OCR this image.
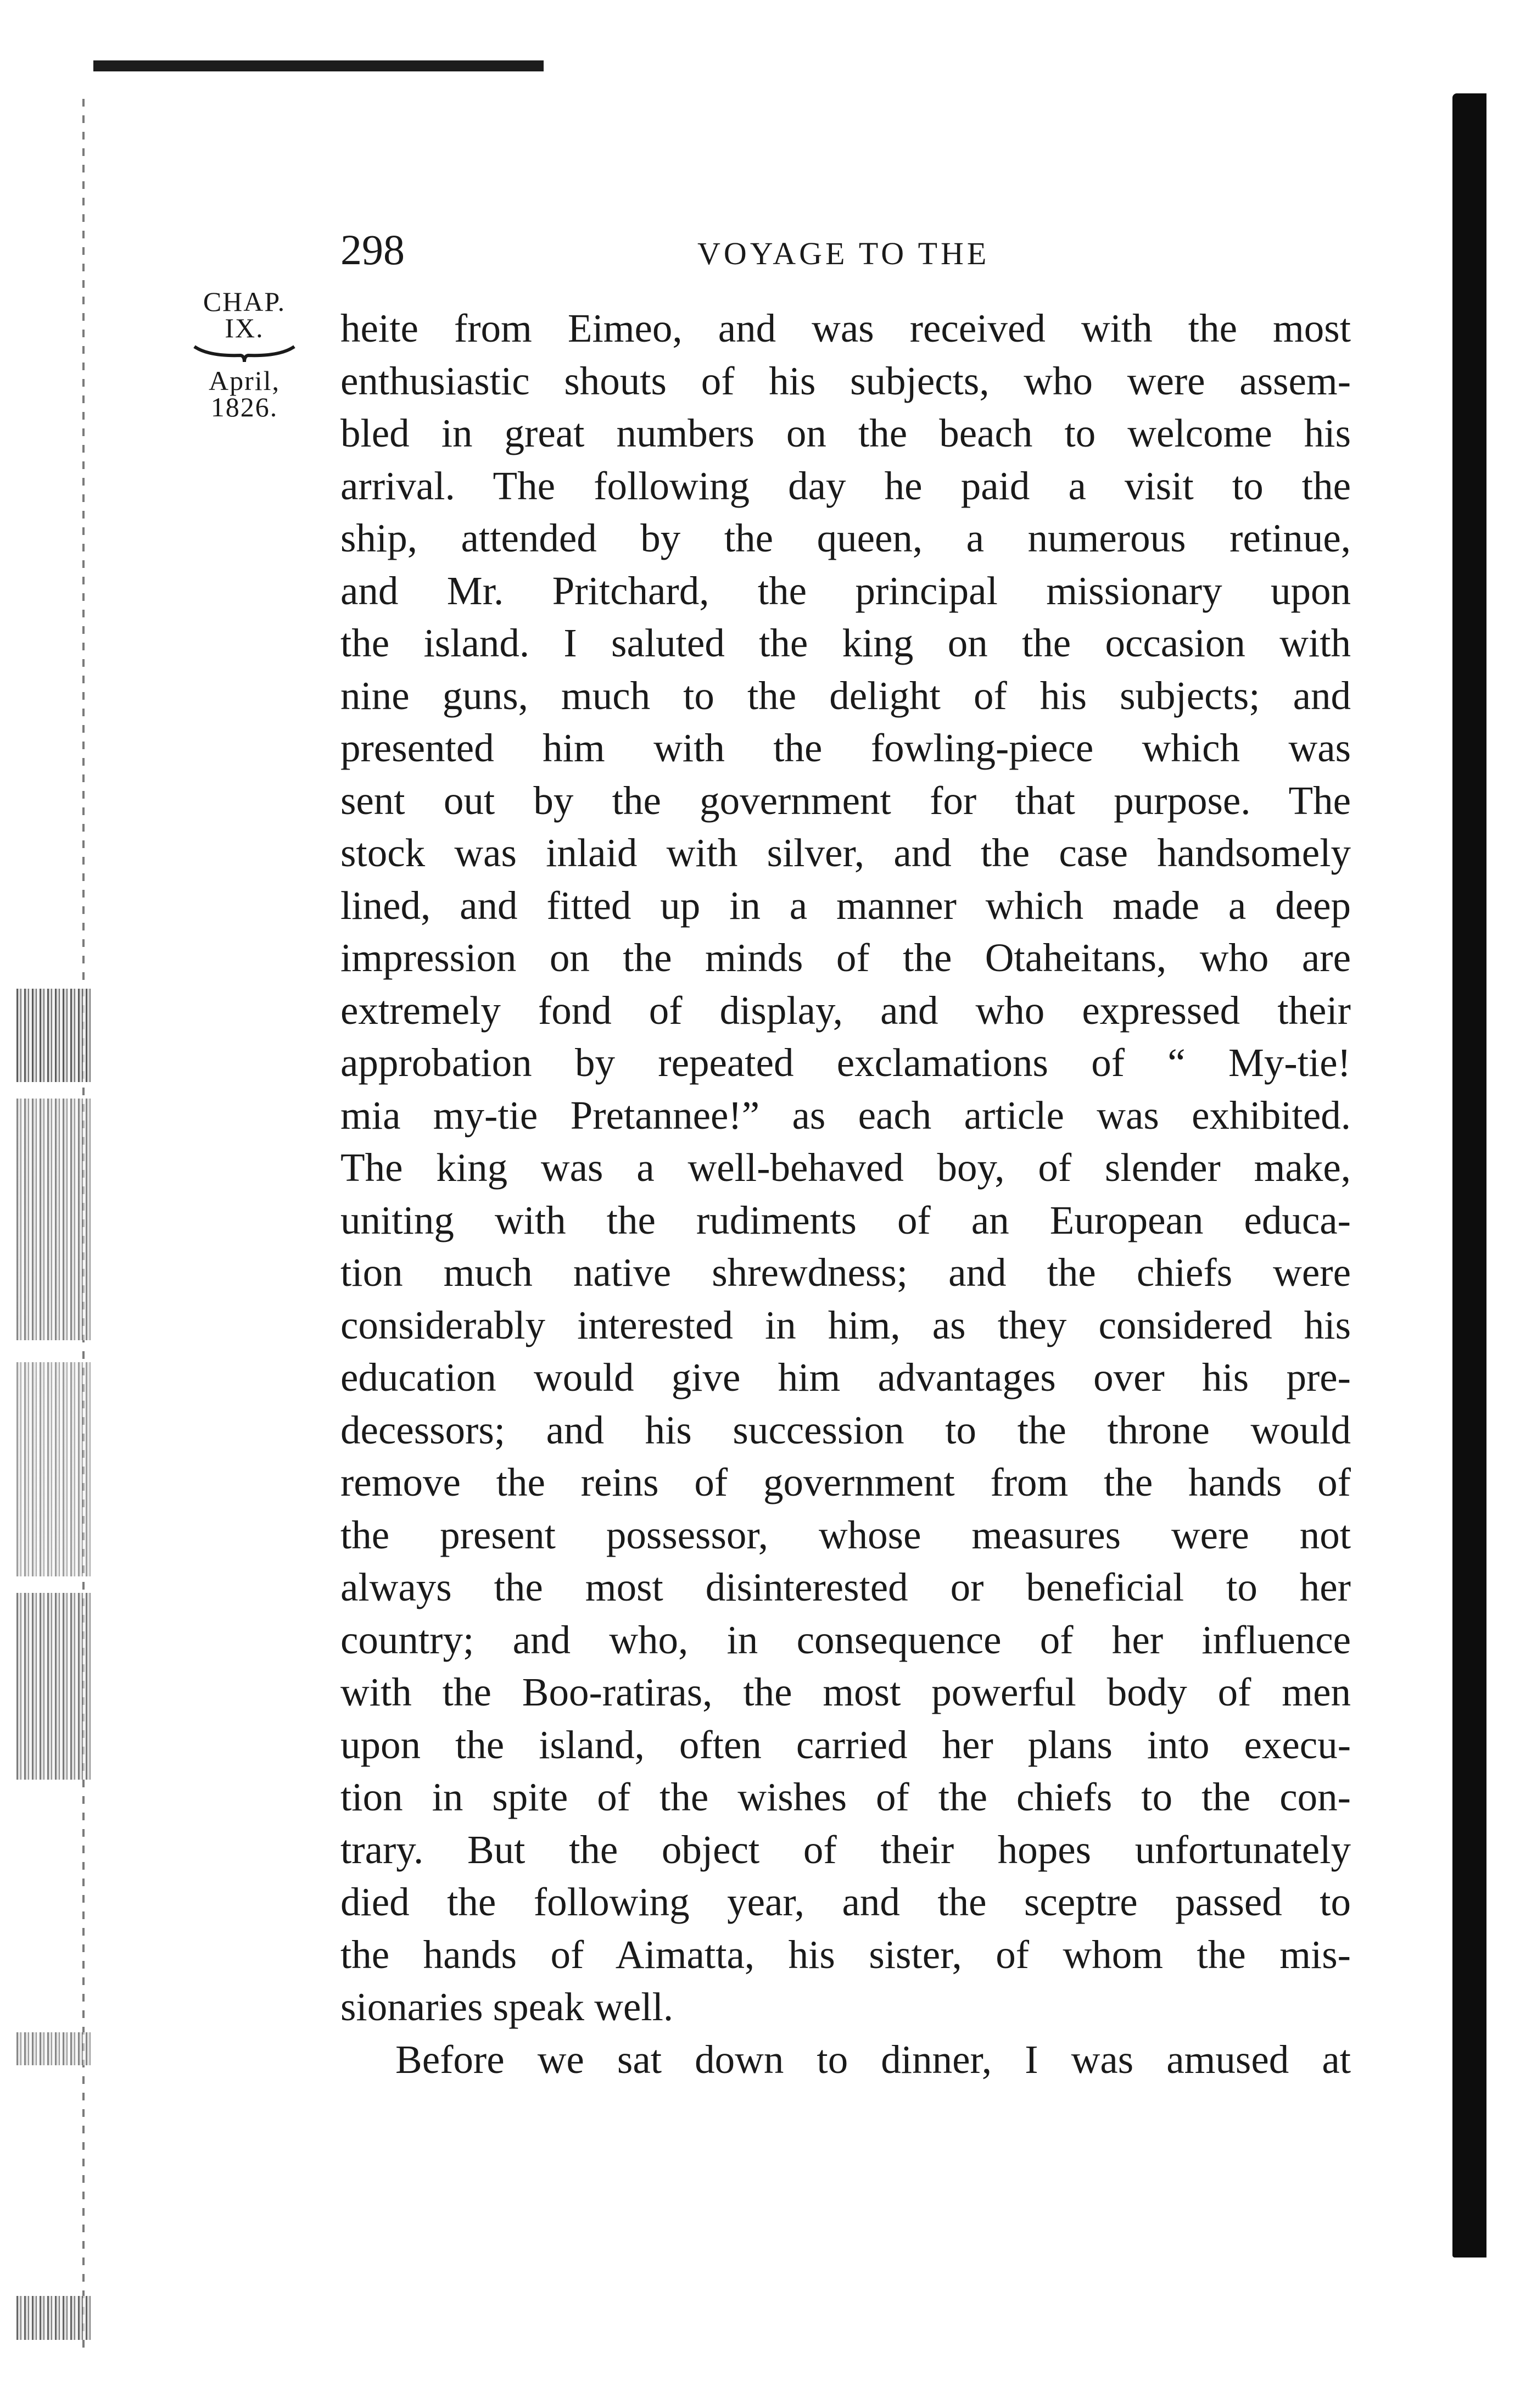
298	VOYAGE TO THE
CHAP.
IX.
April,
1826.
heite from Eimeo, and was received with the most
enthusiastic shouts of his subjects, who were assem-
bled in great numbers on the beach to welcome his
arrival. The following day he paid a visit to the
ship, attended by the queen, a numerous retinue,
and Mr. Pritchard, the principal missionary upon
the island. I saluted the king on the occasion with
nine guns, much to the delight of his subjects; and
presented him with the fowling-piece which was
sent out by the government for that purpose. The
stock was inlaid with silver, and the case handsomely
lined, and fitted up in a manner which made a deep
impression on the minds of the Otaheitans, who are
extremely fond of display, and who expressed their
approbation by repeated exclamations of “ My-tie!
mia my-tie Pretannee!” as each article was exhibited.
The king was a well-behaved boy, of slender make,
uniting with the rudiments of an European educa-
tion much native shrewdness; and the chiefs were
considerably interested in him, as they considered his
education would give him advantages over his pre-
decessors; and his succession to the throne would
remove the reins of government from the hands of
the present possessor, whose measures were not
always the most disinterested or beneficial to her
country; and who, in consequence of her influence
with the Boo-ratiras, the most powerful body of men
upon the island, often carried her plans into execu-
tion in spite of the wishes of the chiefs to the con-
trary. But the object of their hopes unfortunately
died the following year, and the sceptre passed to
the hands of Aimatta, his sister, of whom the mis-
sionaries speak well.
Before we sat down to dinner, I was amused at
